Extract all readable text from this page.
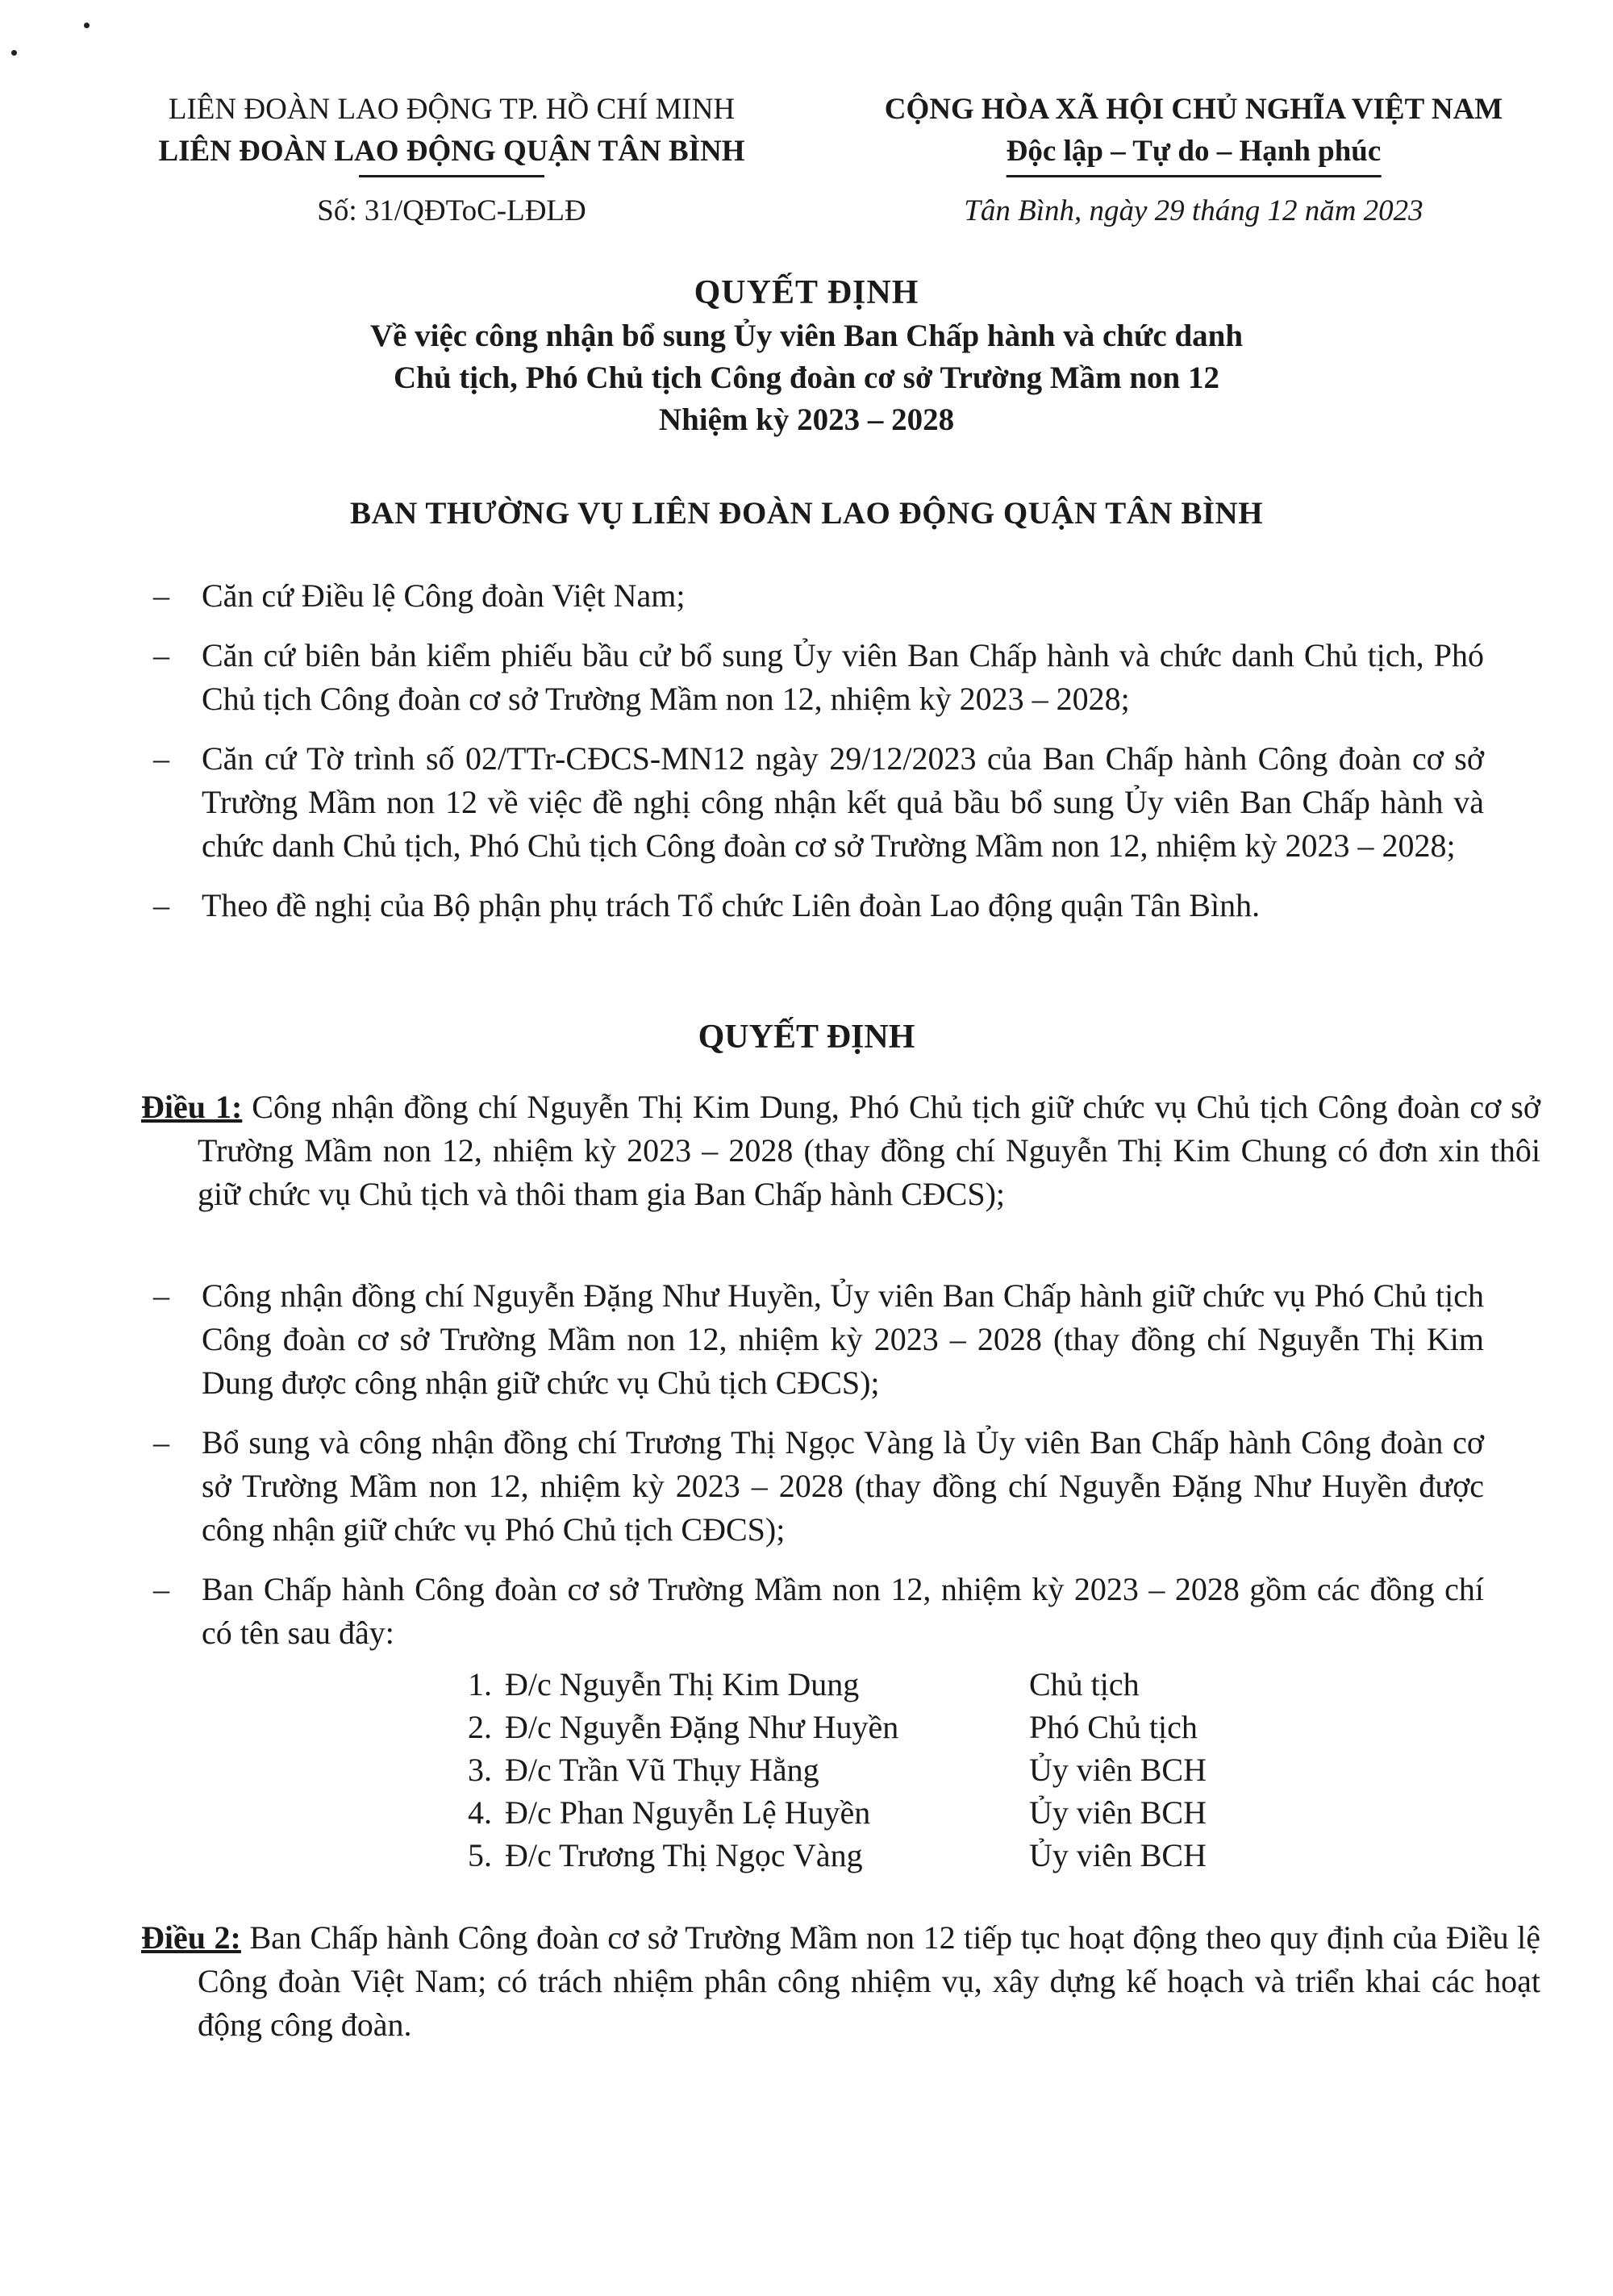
LIÊN ĐOÀN LAO ĐỘNG TP. HỒ CHÍ MINH
LIÊN ĐOÀN LAO ĐỘNG QUẬN TÂN BÌNH
Số: 31/QĐToC-LĐLĐ
CỘNG HÒA XÃ HỘI CHỦ NGHĨA VIỆT NAM
Độc lập – Tự do – Hạnh phúc
Tân Bình, ngày 29 tháng 12 năm 2023
QUYẾT ĐỊNH
Về việc công nhận bổ sung Ủy viên Ban Chấp hành và chức danh
Chủ tịch, Phó Chủ tịch Công đoàn cơ sở Trường Mầm non 12
Nhiệm kỳ 2023 – 2028
BAN THƯỜNG VỤ LIÊN ĐOÀN LAO ĐỘNG QUẬN TÂN BÌNH
– Căn cứ Điều lệ Công đoàn Việt Nam;
– Căn cứ biên bản kiểm phiếu bầu cử bổ sung Ủy viên Ban Chấp hành và chức danh Chủ tịch, Phó Chủ tịch Công đoàn cơ sở Trường Mầm non 12, nhiệm kỳ 2023 – 2028;
– Căn cứ Tờ trình số 02/TTr-CĐCS-MN12 ngày 29/12/2023 của Ban Chấp hành Công đoàn cơ sở Trường Mầm non 12 về việc đề nghị công nhận kết quả bầu bổ sung Ủy viên Ban Chấp hành và chức danh Chủ tịch, Phó Chủ tịch Công đoàn cơ sở Trường Mầm non 12, nhiệm kỳ 2023 – 2028;
– Theo đề nghị của Bộ phận phụ trách Tổ chức Liên đoàn Lao động quận Tân Bình.
QUYẾT ĐỊNH
Điều 1: Công nhận đồng chí Nguyễn Thị Kim Dung, Phó Chủ tịch giữ chức vụ Chủ tịch Công đoàn cơ sở Trường Mầm non 12, nhiệm kỳ 2023 – 2028 (thay đồng chí Nguyễn Thị Kim Chung có đơn xin thôi giữ chức vụ Chủ tịch và thôi tham gia Ban Chấp hành CĐCS);
– Công nhận đồng chí Nguyễn Đặng Như Huyền, Ủy viên Ban Chấp hành giữ chức vụ Phó Chủ tịch Công đoàn cơ sở Trường Mầm non 12, nhiệm kỳ 2023 – 2028 (thay đồng chí Nguyễn Thị Kim Dung được công nhận giữ chức vụ Chủ tịch CĐCS);
– Bổ sung và công nhận đồng chí Trương Thị Ngọc Vàng là Ủy viên Ban Chấp hành Công đoàn cơ sở Trường Mầm non 12, nhiệm kỳ 2023 – 2028 (thay đồng chí Nguyễn Đặng Như Huyền được công nhận giữ chức vụ Phó Chủ tịch CĐCS);
– Ban Chấp hành Công đoàn cơ sở Trường Mầm non 12, nhiệm kỳ 2023 – 2028 gồm các đồng chí có tên sau đây:
1. Đ/c Nguyễn Thị Kim Dung	Chủ tịch
2. Đ/c Nguyễn Đặng Như Huyền	Phó Chủ tịch
3. Đ/c Trần Vũ Thụy Hằng	Ủy viên BCH
4. Đ/c Phan Nguyễn Lệ Huyền	Ủy viên BCH
5. Đ/c Trương Thị Ngọc Vàng	Ủy viên BCH
Điều 2: Ban Chấp hành Công đoàn cơ sở Trường Mầm non 12 tiếp tục hoạt động theo quy định của Điều lệ Công đoàn Việt Nam; có trách nhiệm phân công nhiệm vụ, xây dựng kế hoạch và triển khai các hoạt động công đoàn.
